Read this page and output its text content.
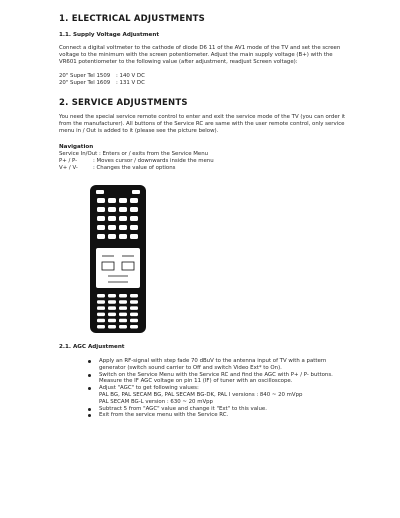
1. ELECTRICAL ADJUSTMENTS
1.1. Supply Voltage Adjustment

Connect a digital voltmeter to the cathode of diode D6 11 of the AV1 mode of the TV and set the screen voltage to the minimum with the screen potentiometer. Adjust the main supply voltage (B+) with the VR601 potentiometer to the following value (after adjustment, readjust Screen voltage):

20" Super Tel 1509	: 140 V DC
20" Super Tel 1609	: 131 V DC
2. SERVICE ADJUSTMENTS

You need the special service remote control to enter and exit the service mode of the TV (you can order it from the manufacturer). All buttons of the Service RC are same with the user remote control, only service menu in / Out is added to it (please see the picture below).

Navigation
Service In/Out : Enters or / exits from the Service Menu
P+ / P-	: Moves cursor / downwards inside the menu
V+ / V-	: Changes the value of options
2.1. AGC Adjustment
Apply an RF-signal with step fade 70 dBuV to the antenna input of TV with a pattern generator (switch sound carrier to Off and switch Video Ext* to On).
Switch on the Service Menu with the Service RC and find the AGC with P+ / P- buttons. Measure the IF AGC voltage on pin 11 (IF) of tuner with an oscilloscope.
Adjust "AGC" to get following values:
PAL BG, PAL SECAM BG, PAL SECAM BG-DK, PAL I versions : 840 ~ 20 mVpp
PAL SECAM BG-L version : 630 ~ 20 mVpp
Subtract 5 from "AGC" value and change it "Ext" to this value.
Exit from the service menu with the Service RC.
